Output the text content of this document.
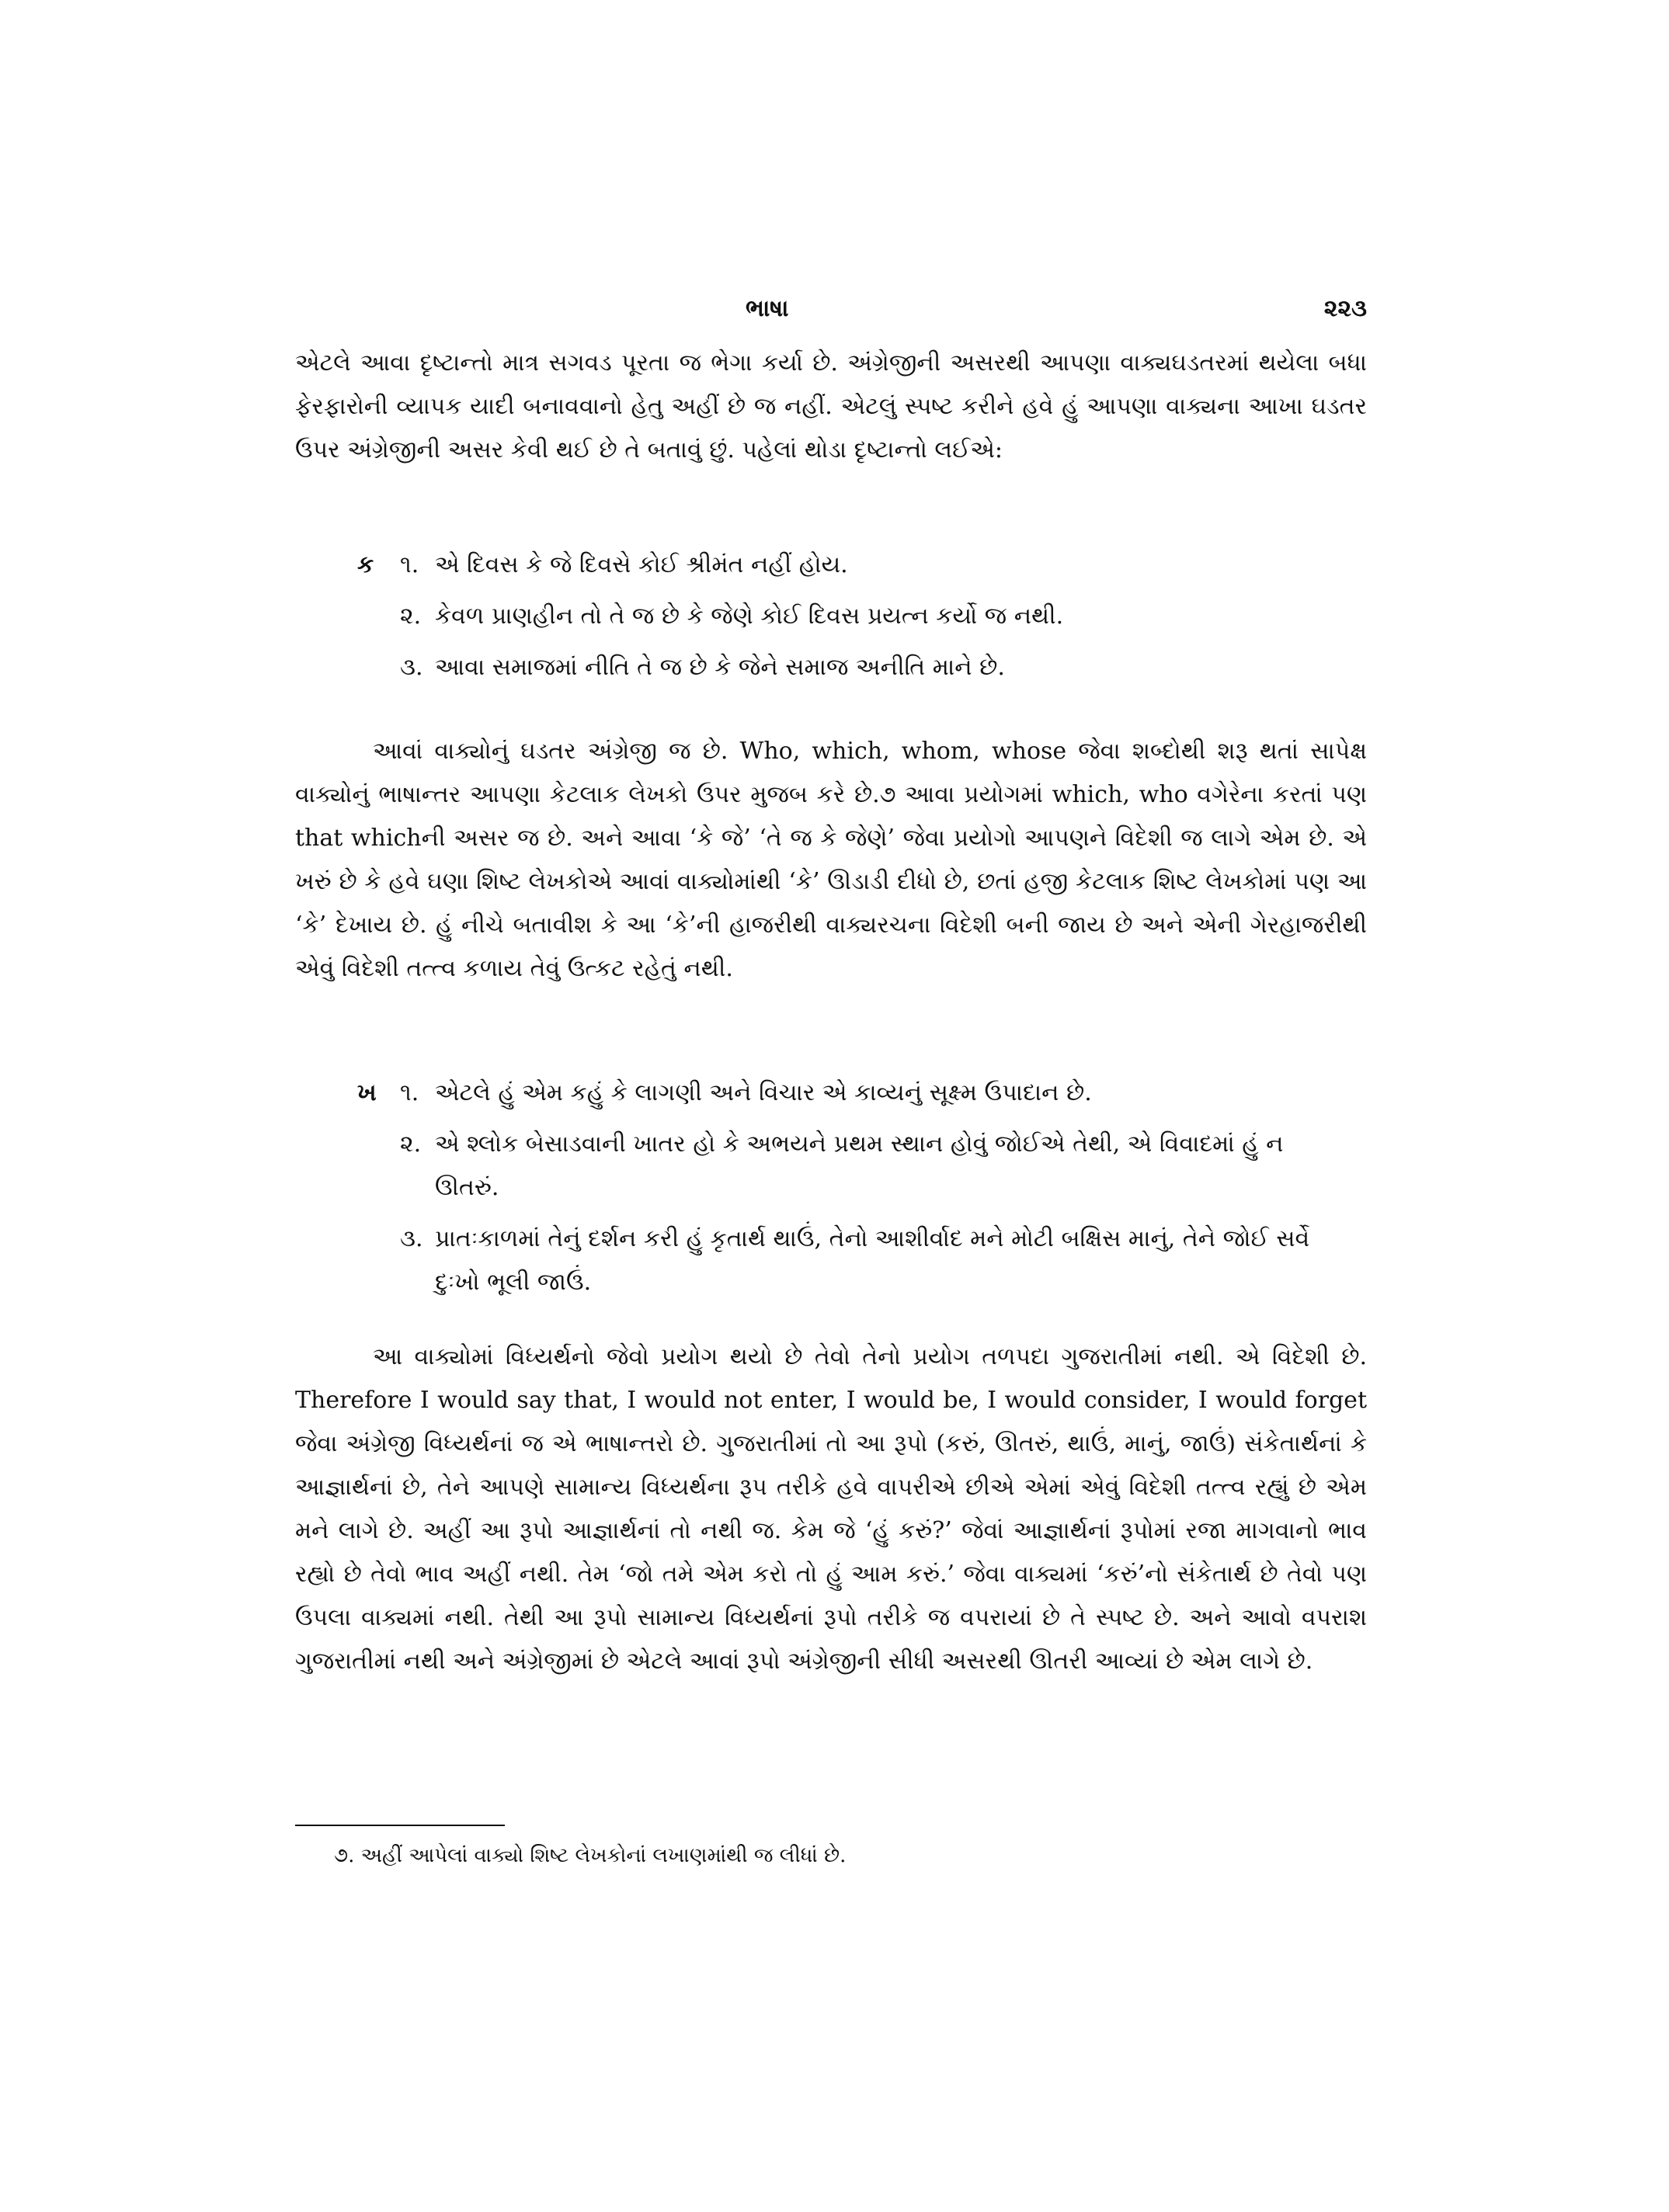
ભાષા	૨૨૩

એટલે આવા દૃષ્ટાન્તો માત્ર સગવડ પૂરતા જ ભેગા કર્યા છે. અંગ્રેજીની અસરથી આપણા વાક્યઘડતરમાં થયેલા બધા ફેરફારોની વ્યાપક યાદી બનાવવાનો હેતુ અહીં છે જ નહીં. એટલું સ્પષ્ટ કરીને હવે હું આપણા વાક્યના આખા ઘડતર ઉપર અંગ્રેજીની અસર કેવી થઈ છે તે બતાવું છું. પહેલાં થોડા દૃષ્ટાન્તો લઈએ:

ક ૧. એ દિવસ કે જે દિવસે કોઈ શ્રીમંત નહીં હોય.
૨. કેવળ પ્રાણહીન તો તે જ છે કે જેણે કોઈ દિવસ પ્રયત્ન કર્યો જ નથી.
૩. આવા સમાજમાં નીતિ તે જ છે કે જેને સમાજ અનીતિ માને છે.

આવાં વાક્યોનું ઘડતર અંગ્રેજી જ છે. Who, which, whom, whose જેવા શબ્દોથી શરૂ થતાં સાપેક્ષ વાક્યોનું ભાષાન્તર આપણા કેટલાક લેખકો ઉપર મુજબ કરે છે.૭ આવા પ્રયોગમાં which, who વગેરેના કરતાં પણ that whichની અસર જ છે. અને આવા ‘કે જે’ ‘તે જ કે જેણે’ જેવા પ્રયોગો આપણને વિદેશી જ લાગે એમ છે. એ ખરું છે કે હવે ઘણા શિષ્ટ લેખકોએ આવાં વાક્યોમાંથી ‘કે’ ઊડાડી દીધો છે, છતાં હજી કેટલાક શિષ્ટ લેખકોમાં પણ આ ‘કે’ દેખાય છે. હું નીચે બતાવીશ કે આ ‘કે’ની હાજરીથી વાક્યરચના વિદેશી બની જાય છે અને એની ગેરહાજરીથી એવું વિદેશી તત્ત્વ કળાય તેવું ઉત્કટ રહેતું નથી.

ખ ૧. એટલે હું એમ કહું કે લાગણી અને વિચાર એ કાવ્યનું સૂક્ષ્મ ઉપાદાન છે.
૨. એ શ્લોક બેસાડવાની ખાતર હો કે અભયને પ્રથમ સ્થાન હોવું જોઈએ તેથી, એ વિવાદમાં હું ન ઊતરું.
૩. પ્રાતઃકાળમાં તેનું દર્શન કરી હું કૃતાર્થ થાઉં, તેનો આશીર્વાદ મને મોટી બક્ષિસ માનું, તેને જોઈ સર્વે દુઃખો ભૂલી જાઉં.

આ વાક્યોમાં વિધ્યર્થનો જેવો પ્રયોગ થયો છે તેવો તેનો પ્રયોગ તળપદા ગુજરાતીમાં નથી. એ વિદેશી છે. Therefore I would say that, I would not enter, I would be, I would consider, I would forget જેવા અંગ્રેજી વિધ્યર્થનાં જ એ ભાષાન્તરો છે. ગુજરાતીમાં તો આ રૂપો (કરું, ઊતરું, થાઉં, માનું, જાઉં) સંકેતાર્થનાં કે આજ્ઞાર્થનાં છે, તેને આપણે સામાન્ય વિધ્યર્થના રૂપ તરીકે હવે વાપરીએ છીએ એમાં એવું વિદેશી તત્ત્વ રહ્યું છે એમ મને લાગે છે. અહીં આ રૂપો આજ્ઞાર્થનાં તો નથી જ. કેમ જે ‘હું કરું?’ જેવાં આજ્ઞાર્થનાં રૂપોમાં રજા માગવાનો ભાવ રહ્યો છે તેવો ભાવ અહીં નથી. તેમ ‘જો તમે એમ કરો તો હું આમ કરું.’ જેવા વાક્યમાં ‘કરું’નો સંકેતાર્થ છે તેવો પણ ઉપલા વાક્યમાં નથી. તેથી આ રૂપો સામાન્ય વિધ્યર્થનાં રૂપો તરીકે જ વપરાયાં છે તે સ્પષ્ટ છે. અને આવો વપરાશ ગુજરાતીમાં નથી અને અંગ્રેજીમાં છે એટલે આવાં રૂપો અંગ્રેજીની સીધી અસરથી ઊતરી આવ્યાં છે એમ લાગે છે.

૭. અહીં આપેલાં વાક્યો શિષ્ટ લેખકોનાં લખાણમાંથી જ લીધાં છે.
